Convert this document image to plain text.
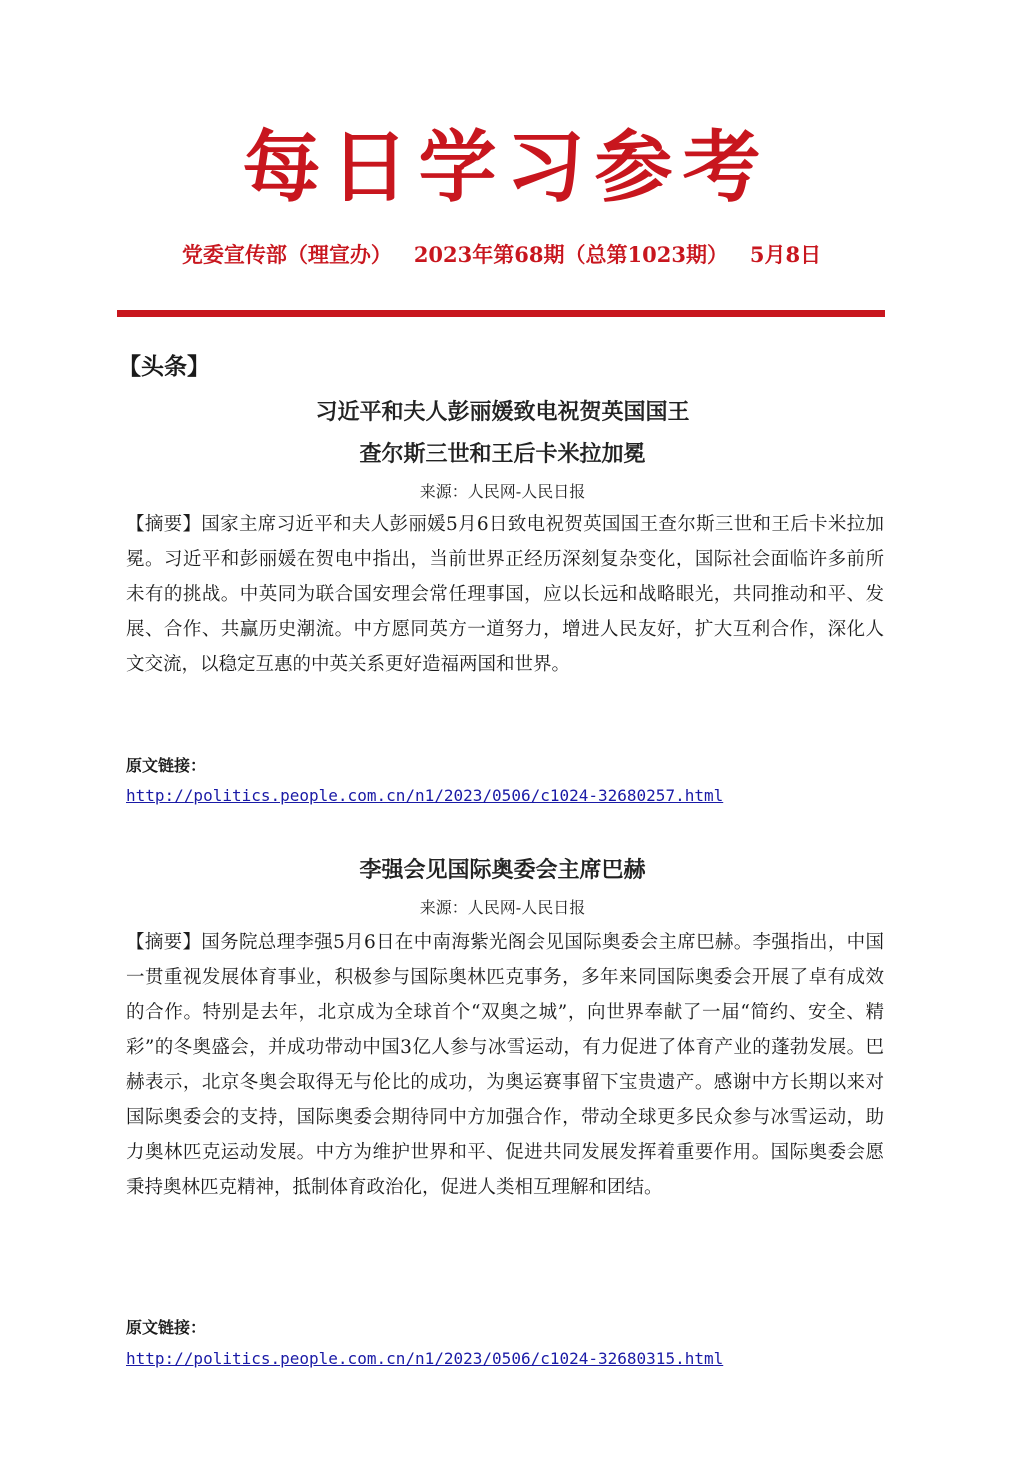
每日学习参考
党委宣传部（理宣办）   2023年第68期（总第1023期）   5月8日
【头条】
习近平和夫人彭丽媛致电祝贺英国国王
查尔斯三世和王后卡米拉加冕
来源：人民网-人民日报

【摘要】国家主席习近平和夫人彭丽媛5月6日致电祝贺英国国王查尔斯三世和王后卡米拉加冕。习近平和彭丽媛在贺电中指出，当前世界正经历深刻复杂变化，国际社会面临许多前所未有的挑战。中英同为联合国安理会常任理事国，应以长远和战略眼光，共同推动和平、发展、合作、共赢历史潮流。中方愿同英方一道努力，增进人民友好，扩大互利合作，深化人文交流，以稳定互惠的中英关系更好造福两国和世界。

原文链接：
http://politics.people.com.cn/n1/2023/0506/c1024-32680257.html
李强会见国际奥委会主席巴赫
来源：人民网-人民日报

【摘要】国务院总理李强5月6日在中南海紫光阁会见国际奥委会主席巴赫。李强指出，中国一贯重视发展体育事业，积极参与国际奥林匹克事务，多年来同国际奥委会开展了卓有成效的合作。特别是去年，北京成为全球首个“双奥之城”，向世界奉献了一届“简约、安全、精彩”的冬奥盛会，并成功带动中国3亿人参与冰雪运动，有力促进了体育产业的蓬勃发展。巴赫表示，北京冬奥会取得无与伦比的成功，为奥运赛事留下宝贵遗产。感谢中方长期以来对国际奥委会的支持，国际奥委会期待同中方加强合作，带动全球更多民众参与冰雪运动，助力奥林匹克运动发展。中方为维护世界和平、促进共同发展发挥着重要作用。国际奥委会愿秉持奥林匹克精神，抵制体育政治化，促进人类相互理解和团结。

原文链接：
http://politics.people.com.cn/n1/2023/0506/c1024-32680315.html
